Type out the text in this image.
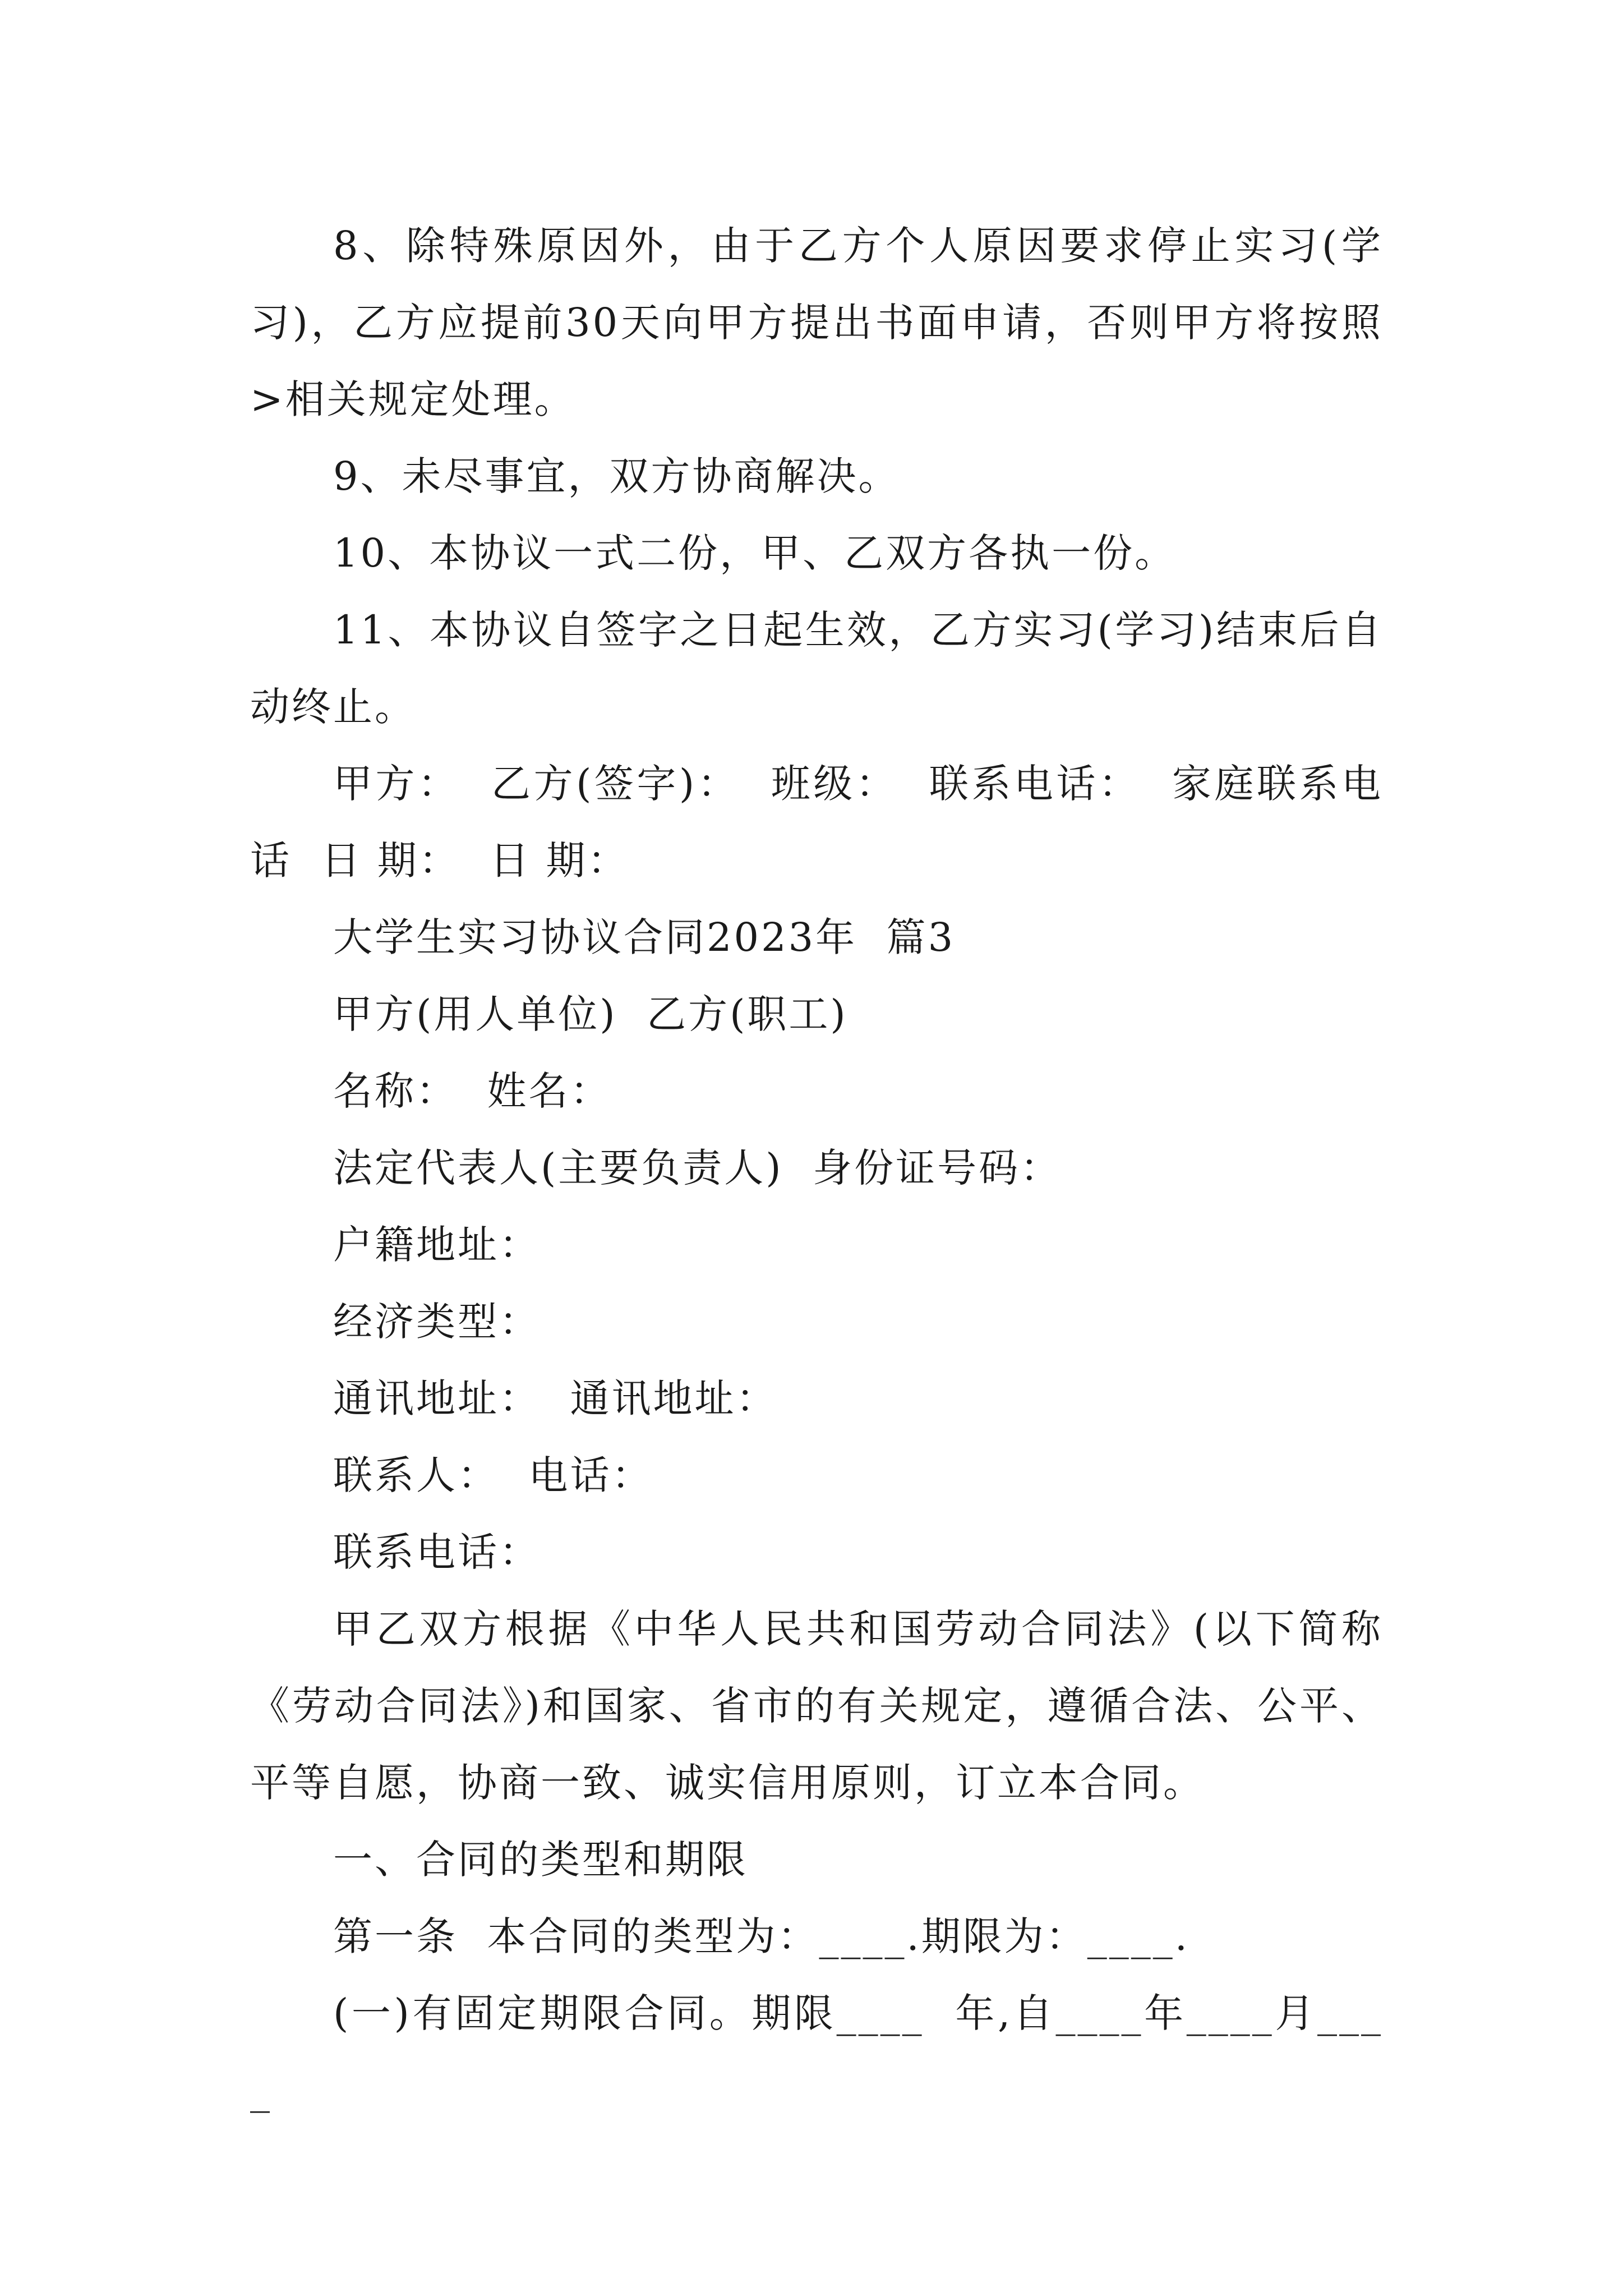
8、除特殊原因外，由于乙方个人原因要求停止实习(学习)，乙方应提前30天向甲方提出书面申请，否则甲方将按照>相关规定处理。

9、未尽事宜，双方协商解决。

10、本协议一式二份，甲、乙双方各执一份。

11、本协议自签字之日起生效，乙方实习(学习)结束后自动终止。

甲方：  乙方(签字)：  班级：  联系电话：  家庭联系电话  日 期：  日 期：

大学生实习协议合同2023年  篇3

甲方(用人单位)  乙方(职工)

名称：  姓名：

法定代表人(主要负责人)  身份证号码：

户籍地址：

经济类型：

通讯地址：  通讯地址：

联系人：  电话：

联系电话：

甲乙双方根据《中华人民共和国劳动合同法》(以下简称《劳动合同法》)和国家、省市的有关规定，遵循合法、公平、平等自愿，协商一致、诚实信用原则，订立本合同。

一、合同的类型和期限

第一条  本合同的类型为：____.期限为：____.

(一)有固定期限合同。期限____  年,自____年____月____
